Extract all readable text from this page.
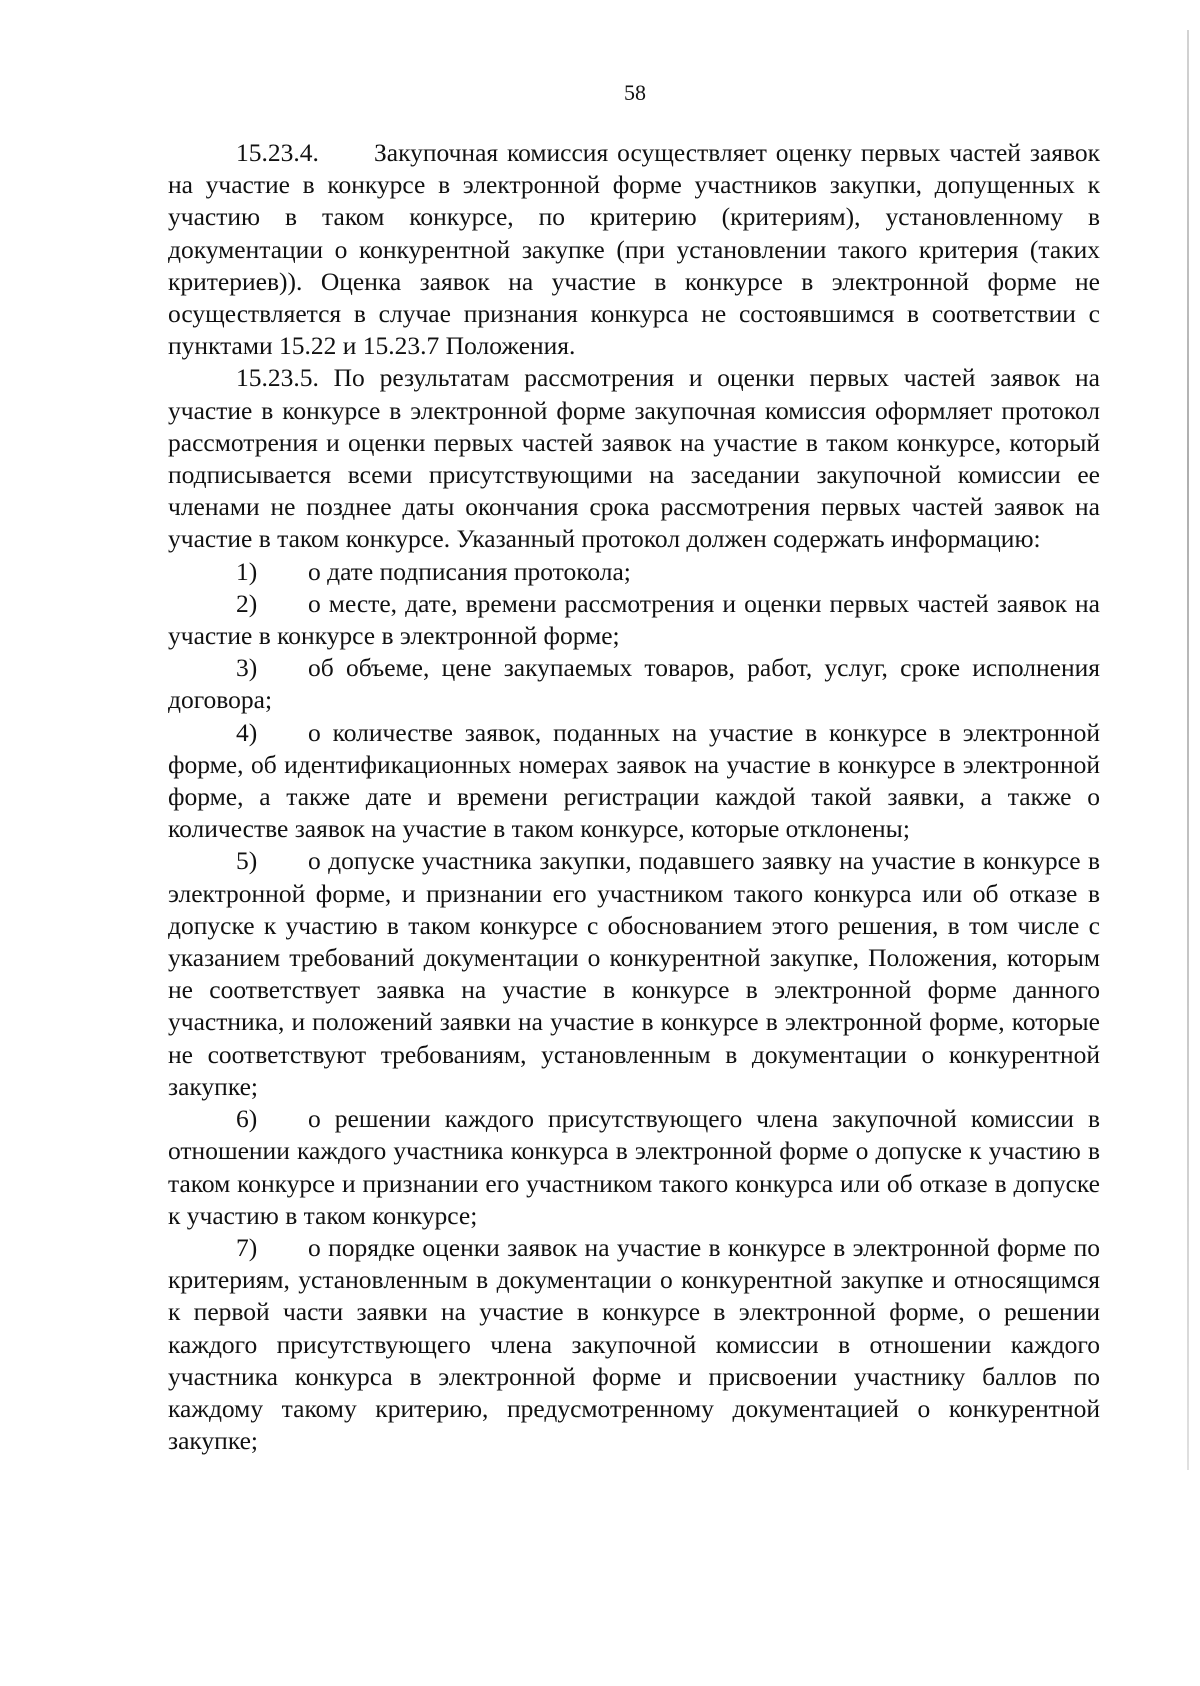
58

15.23.4. Закупочная комиссия осуществляет оценку первых частей заявок на участие в конкурсе в электронной форме участников закупки, допущенных к участию в таком конкурсе, по критерию (критериям), установленному в документации о конкурентной закупке (при установлении такого критерия (таких критериев)). Оценка заявок на участие в конкурсе в электронной форме не осуществляется в случае признания конкурса не состоявшимся в соответствии с пунктами 15.22 и 15.23.7 Положения.

15.23.5. По результатам рассмотрения и оценки первых частей заявок на участие в конкурсе в электронной форме закупочная комиссия оформляет протокол рассмотрения и оценки первых частей заявок на участие в таком конкурсе, который подписывается всеми присутствующими на заседании закупочной комиссии ее членами не позднее даты окончания срока рассмотрения первых частей заявок на участие в таком конкурсе. Указанный протокол должен содержать информацию:

1) о дате подписания протокола;

2) о месте, дате, времени рассмотрения и оценки первых частей заявок на участие в конкурсе в электронной форме;

3) об объеме, цене закупаемых товаров, работ, услуг, сроке исполнения договора;

4) о количестве заявок, поданных на участие в конкурсе в электронной форме, об идентификационных номерах заявок на участие в конкурсе в электронной форме, а также дате и времени регистрации каждой такой заявки, а также о количестве заявок на участие в таком конкурсе, которые отклонены;

5) о допуске участника закупки, подавшего заявку на участие в конкурсе в электронной форме, и признании его участником такого конкурса или об отказе в допуске к участию в таком конкурсе с обоснованием этого решения, в том числе с указанием требований документации о конкурентной закупке, Положения, которым не соответствует заявка на участие в конкурсе в электронной форме данного участника, и положений заявки на участие в конкурсе в электронной форме, которые не соответствуют требованиям, установленным в документации о конкурентной закупке;

6) о решении каждого присутствующего члена закупочной комиссии в отношении каждого участника конкурса в электронной форме о допуске к участию в таком конкурсе и признании его участником такого конкурса или об отказе в допуске к участию в таком конкурсе;

7) о порядке оценки заявок на участие в конкурсе в электронной форме по критериям, установленным в документации о конкурентной закупке и относящимся к первой части заявки на участие в конкурсе в электронной форме, о решении каждого присутствующего члена закупочной комиссии в отношении каждого участника конкурса в электронной форме и присвоении участнику баллов по каждому такому критерию, предусмотренному документацией о конкурентной закупке;
